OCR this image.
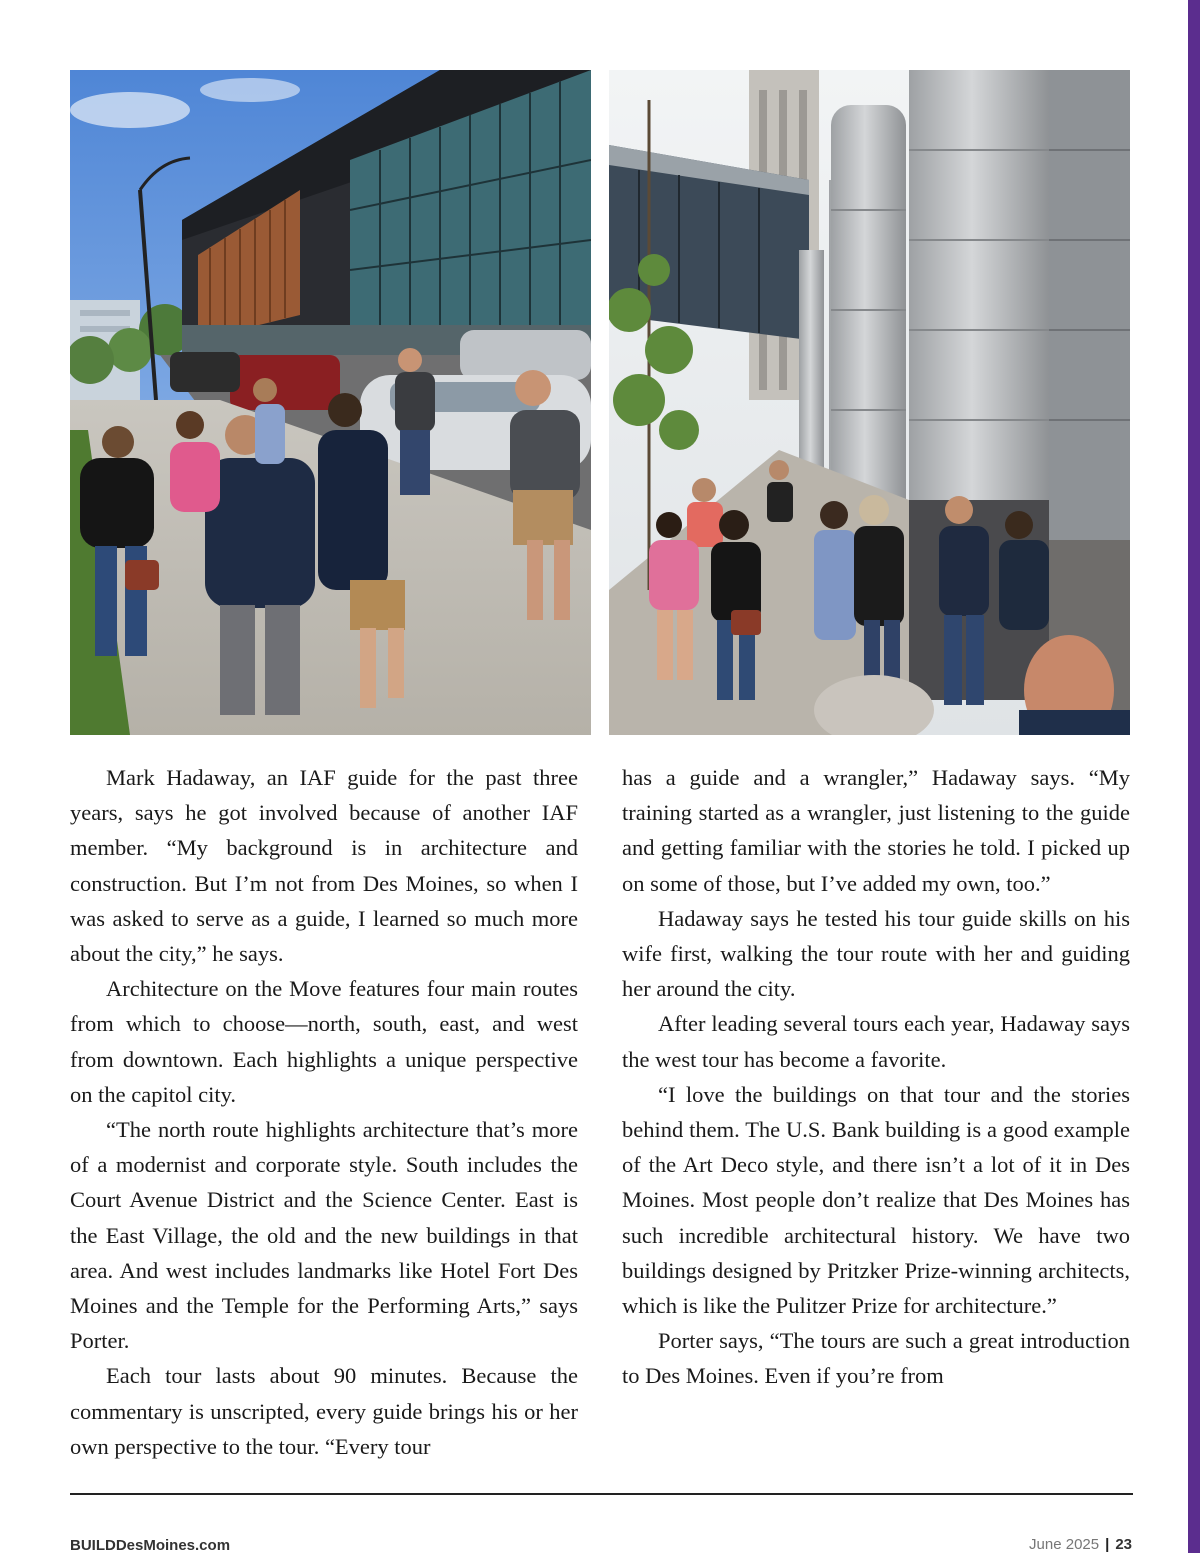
Mark Hadaway, an IAF guide for the past three years, says he got involved because of another IAF member. “My background is in architecture and construction. But I’m not from Des Moines, so when I was asked to serve as a guide, I learned so much more about the city,” he says.

Architecture on the Move features four main routes from which to choose—north, south, east, and west from downtown. Each highlights a unique perspective on the capitol city.

“The north route highlights architecture that’s more of a modernist and corporate style. South includes the Court Avenue District and the Science Center. East is the East Village, the old and the new buildings in that area. And west includes landmarks like Hotel Fort Des Moines and the Temple for the Performing Arts,” says Porter.

Each tour lasts about 90 minutes. Because the commentary is unscripted, every guide brings his or her own perspective to the tour. “Every tour

has a guide and a wrangler,” Hadaway says. “My training started as a wrangler, just listening to the guide and getting familiar with the stories he told. I picked up on some of those, but I’ve added my own, too.”

Hadaway says he tested his tour guide skills on his wife first, walking the tour route with her and guiding her around the city.

After leading several tours each year, Hadaway says the west tour has become a favorite.

“I love the buildings on that tour and the stories behind them. The U.S. Bank building is a good example of the Art Deco style, and there isn’t a lot of it in Des Moines. Most people don’t realize that Des Moines has such incredible architectural history. We have two buildings designed by Pritzker Prize-winning architects, which is like the Pulitzer Prize for architecture.”

Porter says, “The tours are such a great introduction to Des Moines. Even if you’re from

BUILDDesMoines.com	June 2025 | 23
